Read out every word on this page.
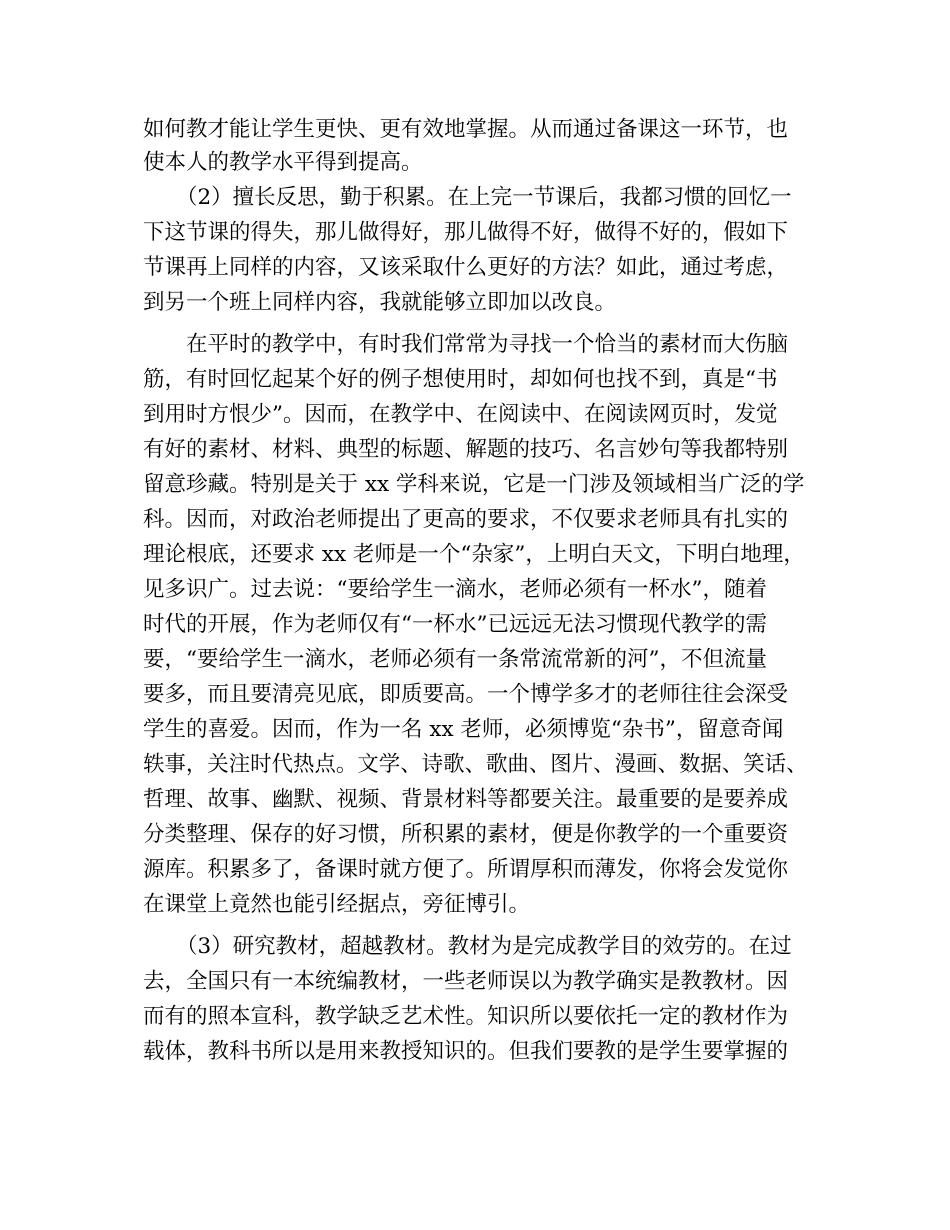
如何教才能让学生更快、更有效地掌握。从而通过备课这一环节，也
使本人的教学水平得到提高。
（2）擅长反思，勤于积累。在上完一节课后，我都习惯的回忆一
下这节课的得失，那儿做得好，那儿做得不好，做得不好的，假如下
节课再上同样的内容，又该采取什么更好的方法？如此，通过考虑，
到另一个班上同样内容，我就能够立即加以改良。
在平时的教学中，有时我们常常为寻找一个恰当的素材而大伤脑
筋，有时回忆起某个好的例子想使用时，却如何也找不到，真是“书
到用时方恨少”。因而，在教学中、在阅读中、在阅读网页时，发觉
有好的素材、材料、典型的标题、解题的技巧、名言妙句等我都特别
留意珍藏。特别是关于 xx 学科来说，它是一门涉及领域相当广泛的学
科。因而，对政治老师提出了更高的要求，不仅要求老师具有扎实的
理论根底，还要求 xx 老师是一个“杂家”，上明白天文，下明白地理，
见多识广。过去说：“要给学生一滴水，老师必须有一杯水”，随着
时代的开展，作为老师仅有“一杯水”已远远无法习惯现代教学的需
要，“要给学生一滴水，老师必须有一条常流常新的河”，不但流量
要多，而且要清亮见底，即质要高。一个博学多才的老师往往会深受
学生的喜爱。因而，作为一名 xx 老师，必须博览“杂书”，留意奇闻
轶事，关注时代热点。文学、诗歌、歌曲、图片、漫画、数据、笑话、
哲理、故事、幽默、视频、背景材料等都要关注。最重要的是要养成
分类整理、保存的好习惯，所积累的素材，便是你教学的一个重要资
源库。积累多了，备课时就方便了。所谓厚积而薄发，你将会发觉你
在课堂上竟然也能引经据点，旁征博引。
（3）研究教材，超越教材。教材为是完成教学目的效劳的。在过
去，全国只有一本统编教材，一些老师误以为教学确实是教教材。因
而有的照本宣科，教学缺乏艺术性。知识所以要依托一定的教材作为
载体，教科书所以是用来教授知识的。但我们要教的是学生要掌握的
